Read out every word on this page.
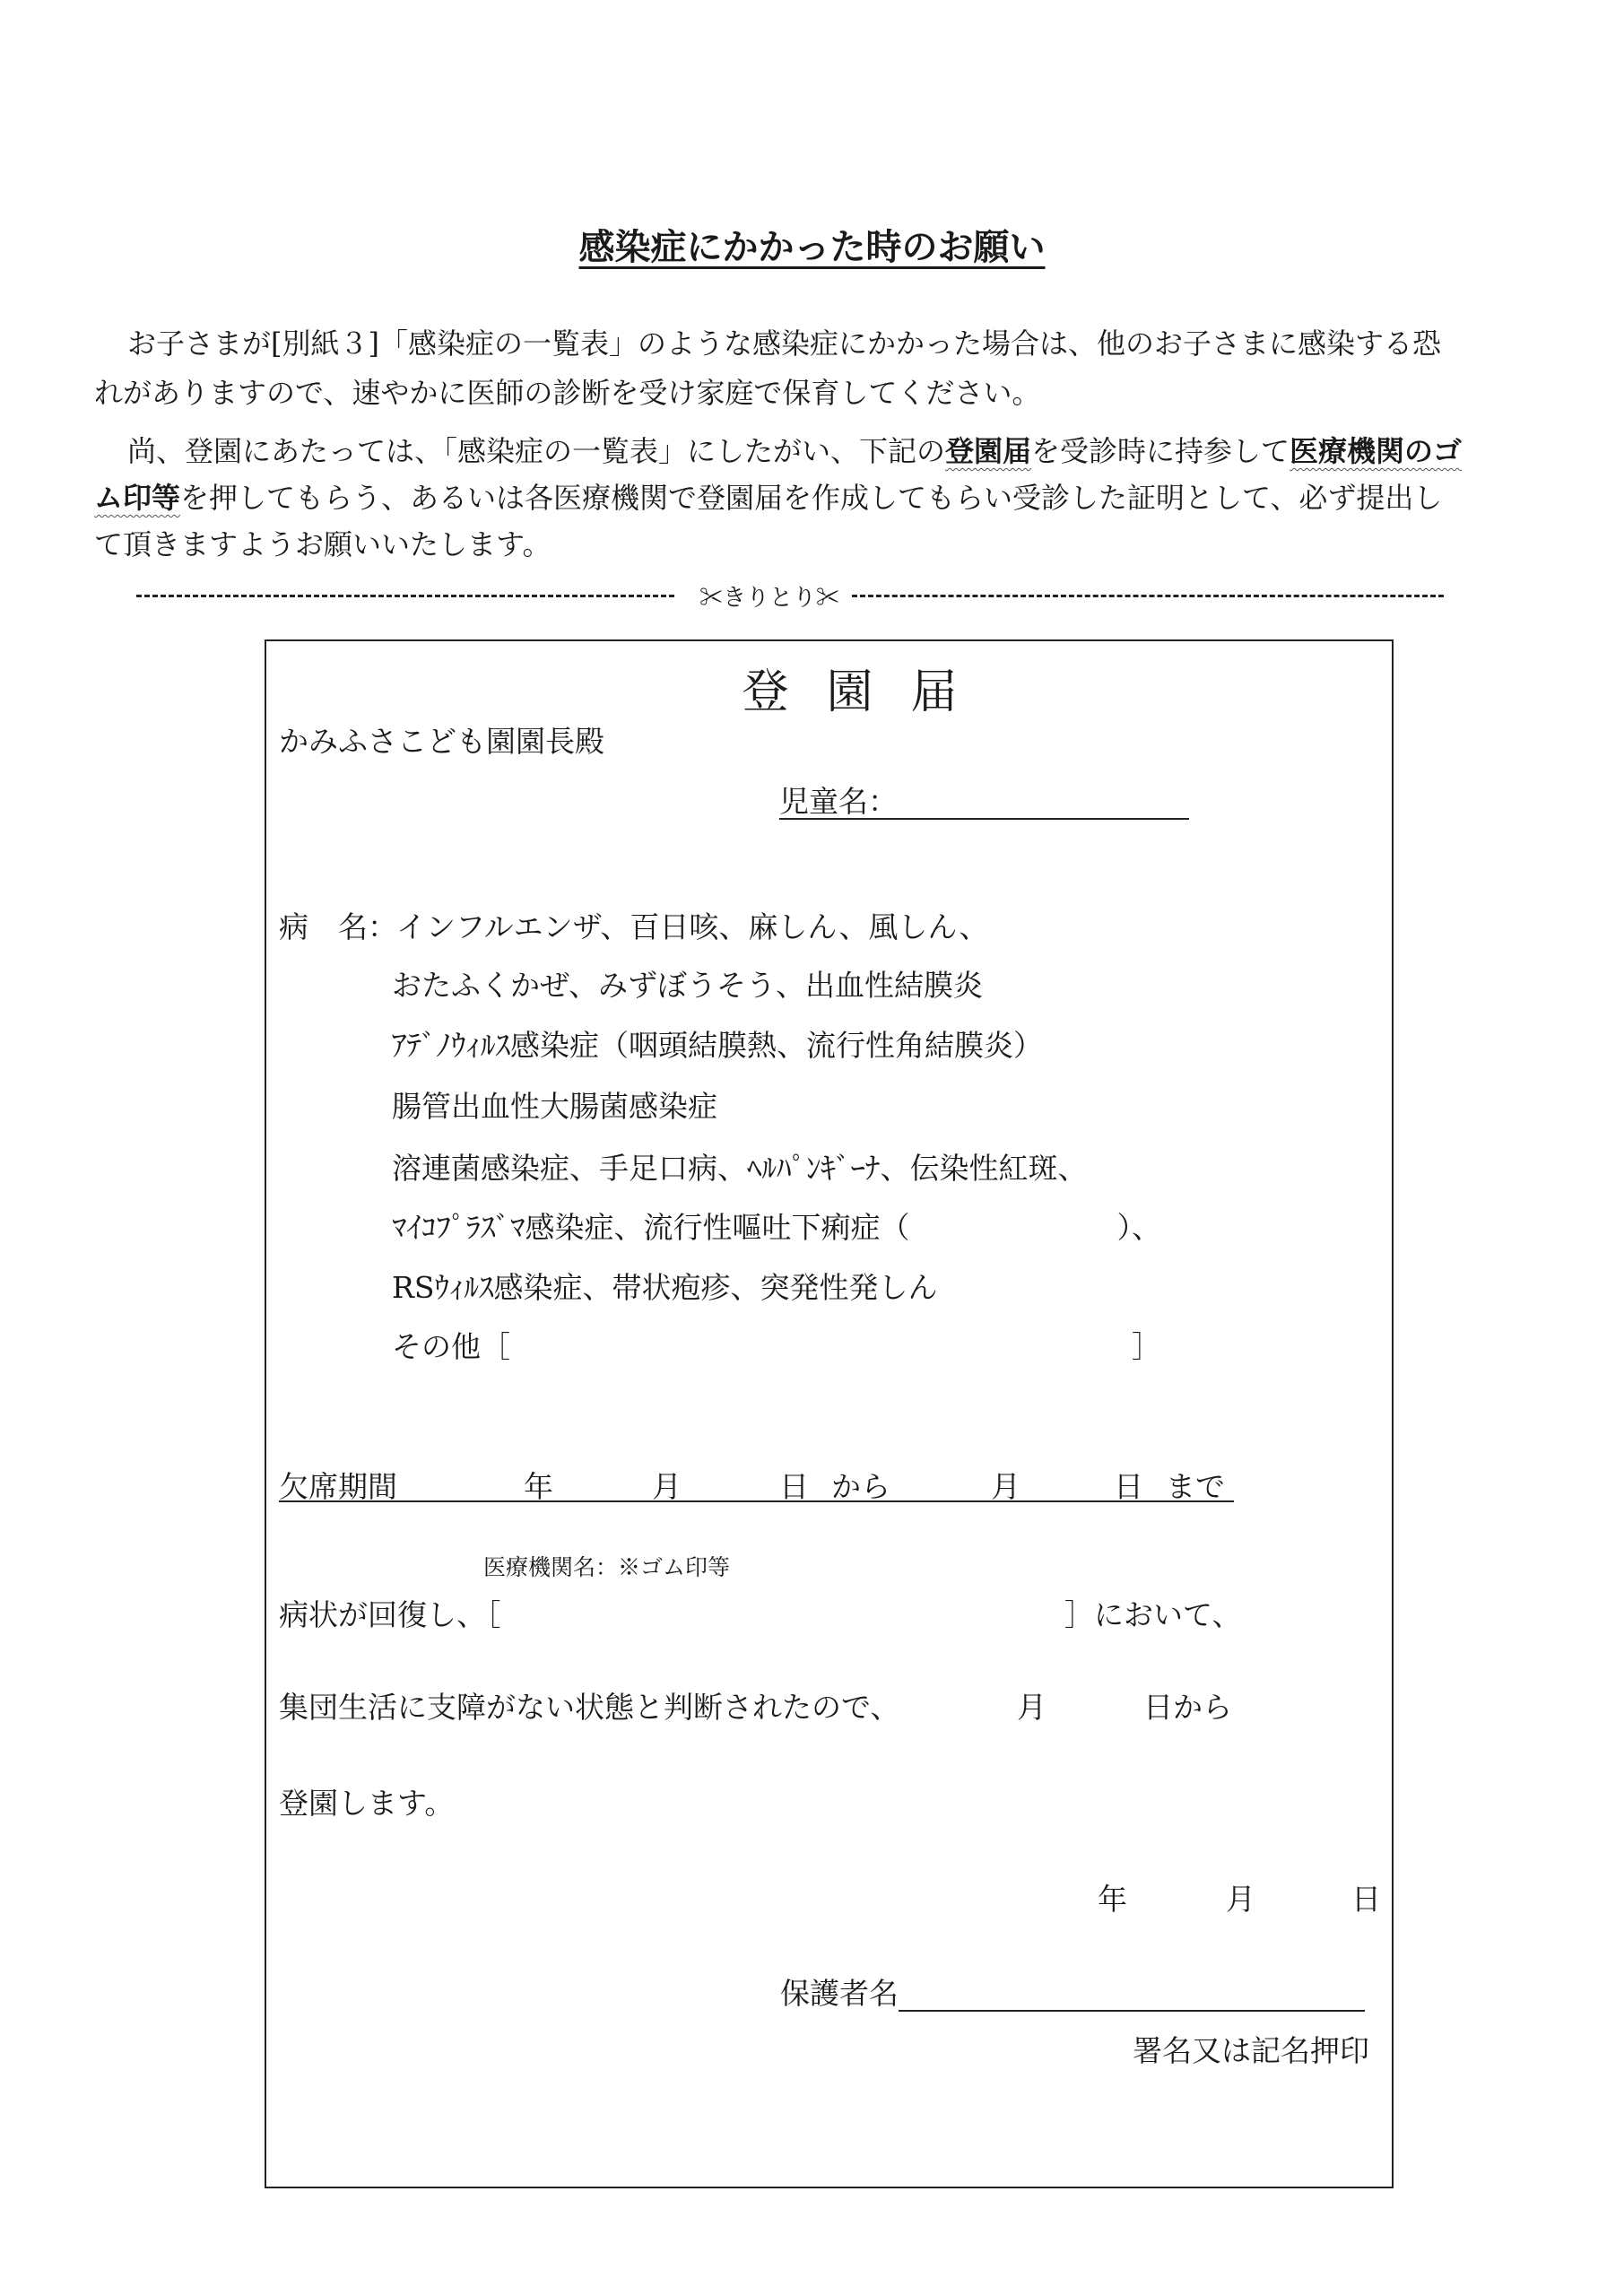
感染症にかかった時のお願い
お子さまが[別紙３]「感染症の一覧表」のような感染症にかかった場合は、他のお子さまに感染する恐
れがありますので、速やかに医師の診断を受け家庭で保育してください。
尚、登園にあたっては、「感染症の一覧表」にしたがい、下記の登園届を受診時に持参して医療機関のゴ
ム印等を押してもらう、あるいは各医療機関で登園届を作成してもらい受診した証明として、必ず提出し
て頂きますようお願いいたします。
✂きりとり✂
登園届
かみふさこども園園長殿
児童名：
病　名： インフルエンザ、百日咳、麻しん、風しん、
おたふくかぜ、みずぼうそう、出血性結膜炎
ｱﾃﾞﾉｳｨﾙｽ感染症（咽頭結膜熱、流行性角結膜炎）
腸管出血性大腸菌感染症
溶連菌感染症、手足口病、ﾍﾙﾊﾟﾝｷﾞｰﾅ、伝染性紅斑、
ﾏｲｺﾌﾟﾗｽﾞﾏ感染症、流行性嘔吐下痢症（　　　　　　　）、
RSｳｨﾙｽ感染症、帯状疱疹、突発性発しん
その他［	］
欠席期間	年	月	日 から	月	日 まで
医療機関名：※ゴム印等
病状が回復し、［	］において、
集団生活に支障がない状態と判断されたので、	月	日から
登園します。
年	月	日
保護者名
署名又は記名押印
